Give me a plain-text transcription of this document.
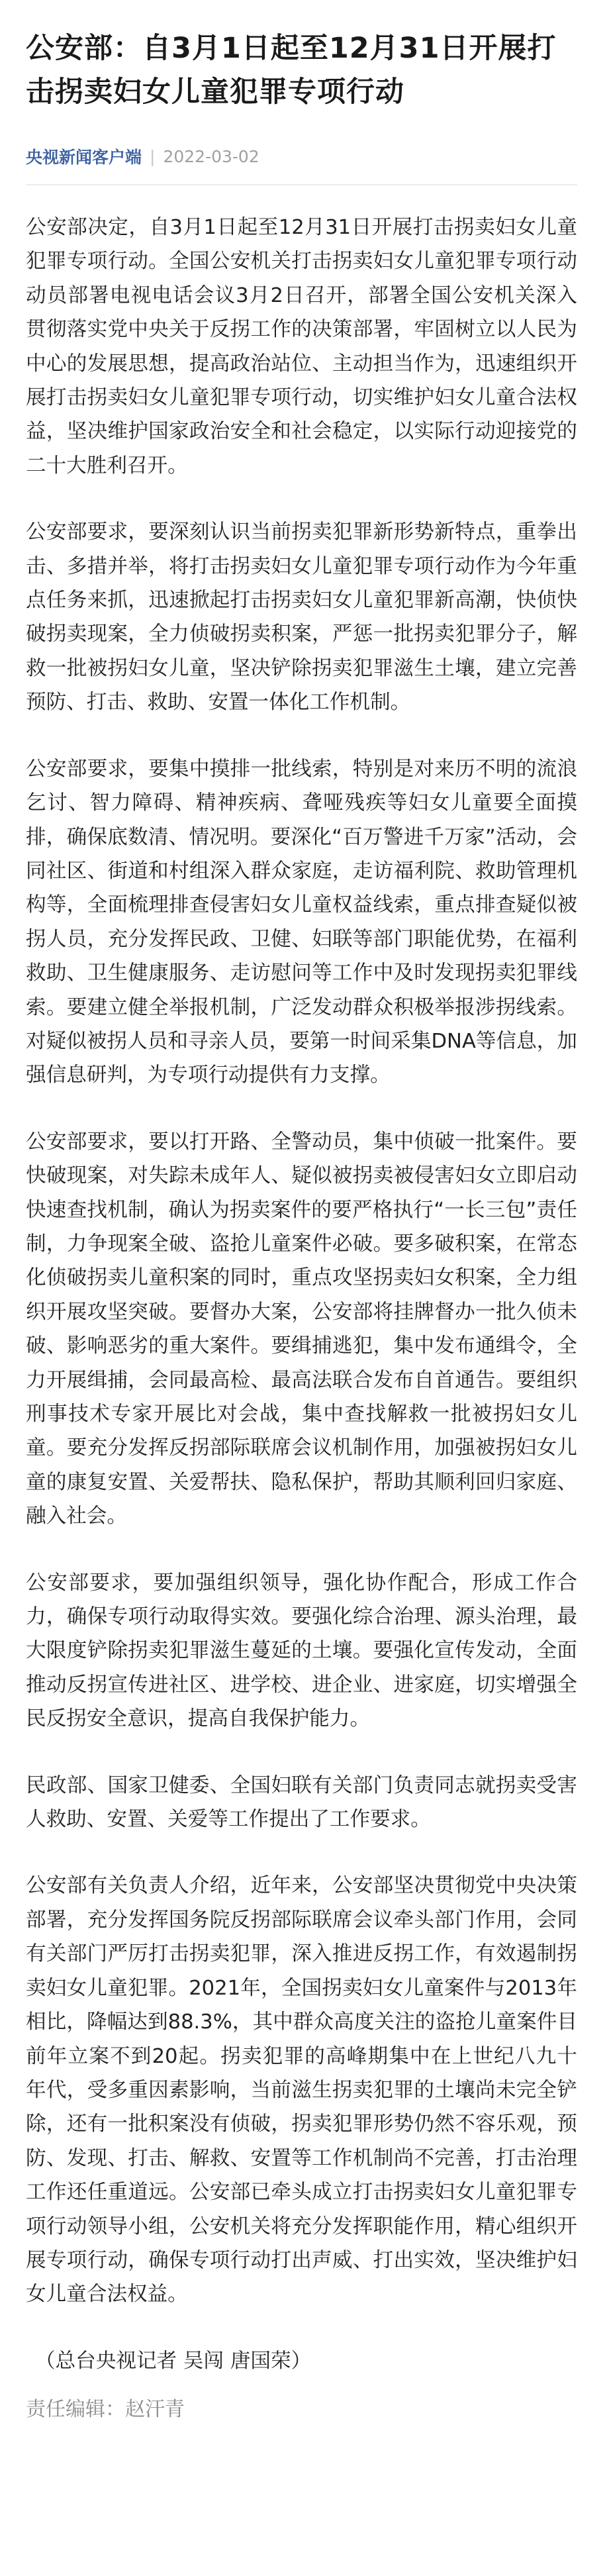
公安部：自3月1日起至12月31日开展打击拐卖妇女儿童犯罪专项行动
央视新闻客户端 | 2022-03-02

公安部决定，自3月1日起至12月31日开展打击拐卖妇女儿童犯罪专项行动。全国公安机关打击拐卖妇女儿童犯罪专项行动动员部署电视电话会议3月2日召开，部署全国公安机关深入贯彻落实党中央关于反拐工作的决策部署，牢固树立以人民为中心的发展思想，提高政治站位、主动担当作为，迅速组织开展打击拐卖妇女儿童犯罪专项行动，切实维护妇女儿童合法权益，坚决维护国家政治安全和社会稳定，以实际行动迎接党的二十大胜利召开。

公安部要求，要深刻认识当前拐卖犯罪新形势新特点，重拳出击、多措并举，将打击拐卖妇女儿童犯罪专项行动作为今年重点任务来抓，迅速掀起打击拐卖妇女儿童犯罪新高潮，快侦快破拐卖现案，全力侦破拐卖积案，严惩一批拐卖犯罪分子，解救一批被拐妇女儿童，坚决铲除拐卖犯罪滋生土壤，建立完善预防、打击、救助、安置一体化工作机制。

公安部要求，要集中摸排一批线索，特别是对来历不明的流浪乞讨、智力障碍、精神疾病、聋哑残疾等妇女儿童要全面摸排，确保底数清、情况明。要深化“百万警进千万家”活动，会同社区、街道和村组深入群众家庭，走访福利院、救助管理机构等，全面梳理排查侵害妇女儿童权益线索，重点排查疑似被拐人员，充分发挥民政、卫健、妇联等部门职能优势，在福利救助、卫生健康服务、走访慰问等工作中及时发现拐卖犯罪线索。要建立健全举报机制，广泛发动群众积极举报涉拐线索。对疑似被拐人员和寻亲人员，要第一时间采集DNA等信息，加强信息研判，为专项行动提供有力支撑。

公安部要求，要以打开路、全警动员，集中侦破一批案件。要快破现案，对失踪未成年人、疑似被拐卖被侵害妇女立即启动快速查找机制，确认为拐卖案件的要严格执行“一长三包”责任制，力争现案全破、盗抢儿童案件必破。要多破积案，在常态化侦破拐卖儿童积案的同时，重点攻坚拐卖妇女积案，全力组织开展攻坚突破。要督办大案，公安部将挂牌督办一批久侦未破、影响恶劣的重大案件。要缉捕逃犯，集中发布通缉令，全力开展缉捕，会同最高检、最高法联合发布自首通告。要组织刑事技术专家开展比对会战，集中查找解救一批被拐妇女儿童。要充分发挥反拐部际联席会议机制作用，加强被拐妇女儿童的康复安置、关爱帮扶、隐私保护，帮助其顺利回归家庭、融入社会。

公安部要求，要加强组织领导，强化协作配合，形成工作合力，确保专项行动取得实效。要强化综合治理、源头治理，最大限度铲除拐卖犯罪滋生蔓延的土壤。要强化宣传发动，全面推动反拐宣传进社区、进学校、进企业、进家庭，切实增强全民反拐安全意识，提高自我保护能力。

民政部、国家卫健委、全国妇联有关部门负责同志就拐卖受害人救助、安置、关爱等工作提出了工作要求。

公安部有关负责人介绍，近年来，公安部坚决贯彻党中央决策部署，充分发挥国务院反拐部际联席会议牵头部门作用，会同有关部门严厉打击拐卖犯罪，深入推进反拐工作，有效遏制拐卖妇女儿童犯罪。2021年，全国拐卖妇女儿童案件与2013年相比，降幅达到88.3%，其中群众高度关注的盗抢儿童案件目前年立案不到20起。拐卖犯罪的高峰期集中在上世纪八九十年代，受多重因素影响，当前滋生拐卖犯罪的土壤尚未完全铲除，还有一批积案没有侦破，拐卖犯罪形势仍然不容乐观，预防、发现、打击、解救、安置等工作机制尚不完善，打击治理工作还任重道远。公安部已牵头成立打击拐卖妇女儿童犯罪专项行动领导小组，公安机关将充分发挥职能作用，精心组织开展专项行动，确保专项行动打出声威、打出实效，坚决维护妇女儿童合法权益。

（总台央视记者 吴闯 唐国荣）

责任编辑：赵汗青
